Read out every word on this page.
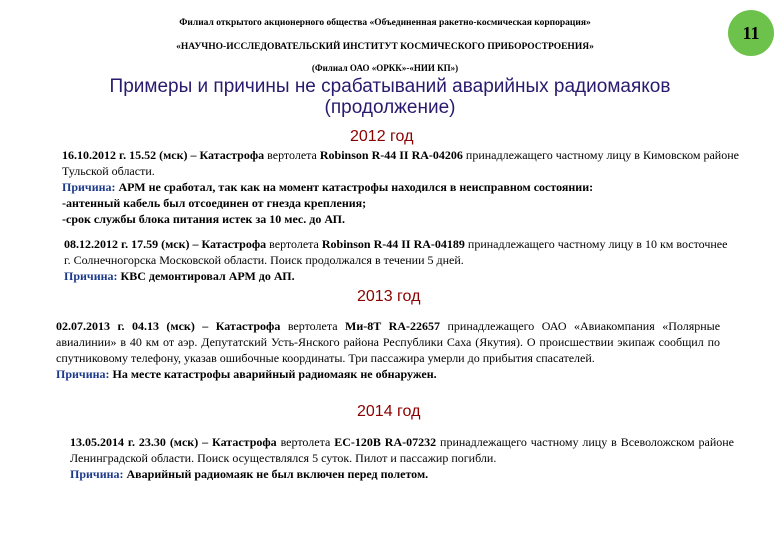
Филиал открытого акционерного общества «Объединенная ракетно-космическая корпорация»
«НАУЧНО-ИССЛЕДОВАТЕЛЬСКИЙ ИНСТИТУТ КОСМИЧЕСКОГО ПРИБОРОСТРОЕНИЯ»
(Филиал ОАО «ОРКК»-«НИИ КП»)
11
Примеры и причины не срабатываний аварийных радиомаяков
(продолжение)
2012 год

16.10.2012 г. 15.52 (мск) – Катастрофа вертолета Robinson R-44 II RA-04206 принадлежащего частному лицу в Кимовском районе Тульской области.

Причина: АРМ не сработал, так как на момент катастрофы находился в неисправном состоянии:

-антенный кабель был отсоединен от гнезда крепления;

-срок службы блока питания истек за 10 мес. до АП.

08.12.2012 г. 17.59 (мск) – Катастрофа вертолета Robinson R-44 II RA-04189 принадлежащего частному лицу в 10 км восточнее г. Солнечногорска Московской области. Поиск продолжался в течении 5 дней.

Причина: КВС демонтировал АРМ до АП.

2013 год

02.07.2013 г. 04.13 (мск) – Катастрофа вертолета Ми-8Т RA-22657 принадлежащего ОАО «Авиакомпания «Полярные авиалинии» в 40 км от аэр. Депутатский Усть-Янского района Республики Саха (Якутия). О происшествии экипаж сообщил по спутниковому телефону, указав ошибочные координаты. Три пассажира умерли до прибытия спасателей.

Причина: На месте катастрофы аварийный радиомаяк не обнаружен.

2014 год

13.05.2014 г. 23.30 (мск) – Катастрофа вертолета EC-120B RA-07232 принадлежащего частному лицу в Всеволожском районе Ленинградской области. Поиск осуществлялся 5 суток. Пилот и пассажир погибли.

Причина: Аварийный радиомаяк не был включен перед полетом.
